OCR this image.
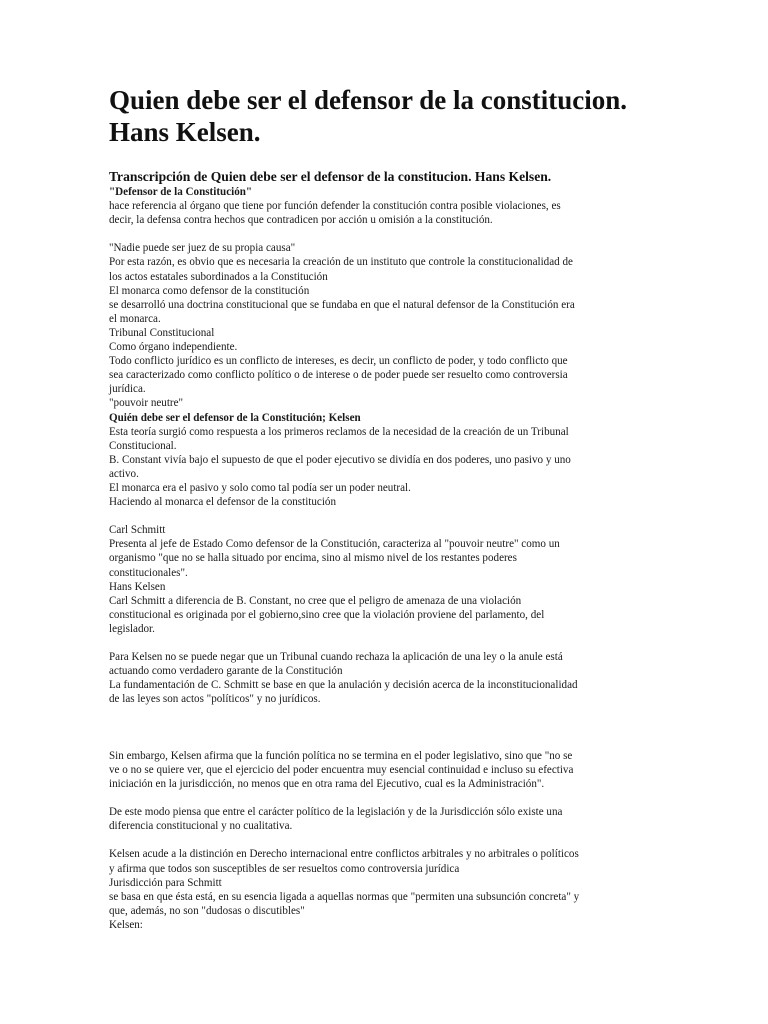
Quien debe ser el defensor de la constitucion. Hans Kelsen.
Transcripción de Quien debe ser el defensor de la constitucion. Hans Kelsen.
"Defensor de la Constitución"
hace referencia al órgano que tiene por función defender la constitución contra posible violaciones, es
decir, la defensa contra hechos que contradicen por acción u omisión a la constitución.
"Nadie puede ser juez de su propia causa"
Por esta razón, es obvio que es necesaria la creación de un instituto que controle la constitucionalidad de
los actos estatales subordinados a la Constitución
El monarca como defensor de la constitución
se desarrolló una doctrina constitucional que se fundaba en que el natural defensor de la Constitución era
el monarca.
Tribunal Constitucional
Como órgano independiente.
Todo conflicto jurídico es un conflicto de intereses, es decir, un conflicto de poder, y todo conflicto que
sea caracterizado como conflicto político o de interese o de poder puede ser resuelto como controversia
jurídica.
"pouvoir neutre"
Quién debe ser el defensor de la Constitución; Kelsen
Esta teoría surgió como respuesta a los primeros reclamos de la necesidad de la creación de un Tribunal
Constitucional.
B. Constant vivía bajo el supuesto de que el poder ejecutivo se dividía en dos poderes, uno pasivo y uno
activo.
El monarca era el pasivo y solo como tal podía ser un poder neutral.
Haciendo al monarca el defensor de la constitución
Carl Schmitt
Presenta al jefe de Estado Como defensor de la Constitución, caracteriza al "pouvoir neutre" como un
organismo "que no se halla situado por encima, sino al mismo nivel de los restantes poderes
constitucionales".
Hans Kelsen
Carl Schmitt a diferencia de B. Constant, no cree que el peligro de amenaza de una violación
constitucional es originada por el gobierno,sino cree que la violación proviene del parlamento, del
legislador.
Para Kelsen no se puede negar que un Tribunal cuando rechaza la aplicación de una ley o la anule está
actuando como verdadero garante de la Constitución
La fundamentación de C. Schmitt se base en que la anulación y decisión acerca de la inconstitucionalidad
de las leyes son actos "políticos" y no jurídicos.
Sin embargo, Kelsen afirma que la función política no se termina en el poder legislativo, sino que "no se
ve o no se quiere ver, que el ejercicio del poder encuentra muy esencial continuidad e incluso su efectiva
iniciación en la jurisdicción, no menos que en otra rama del Ejecutivo, cual es la Administración".
De este modo piensa que entre el carácter político de la legislación y de la Jurisdicción sólo existe una
diferencia constitucional y no cualitativa.
Kelsen acude a la distinción en Derecho internacional entre conflictos arbitrales y no arbitrales o políticos
y afirma que todos son susceptibles de ser resueltos como controversia jurídica
Jurisdicción para Schmitt
se basa en que ésta está, en su esencia ligada a aquellas normas que "permiten una subsunción concreta" y
que, además, no son "dudosas o discutibles"
Kelsen:
